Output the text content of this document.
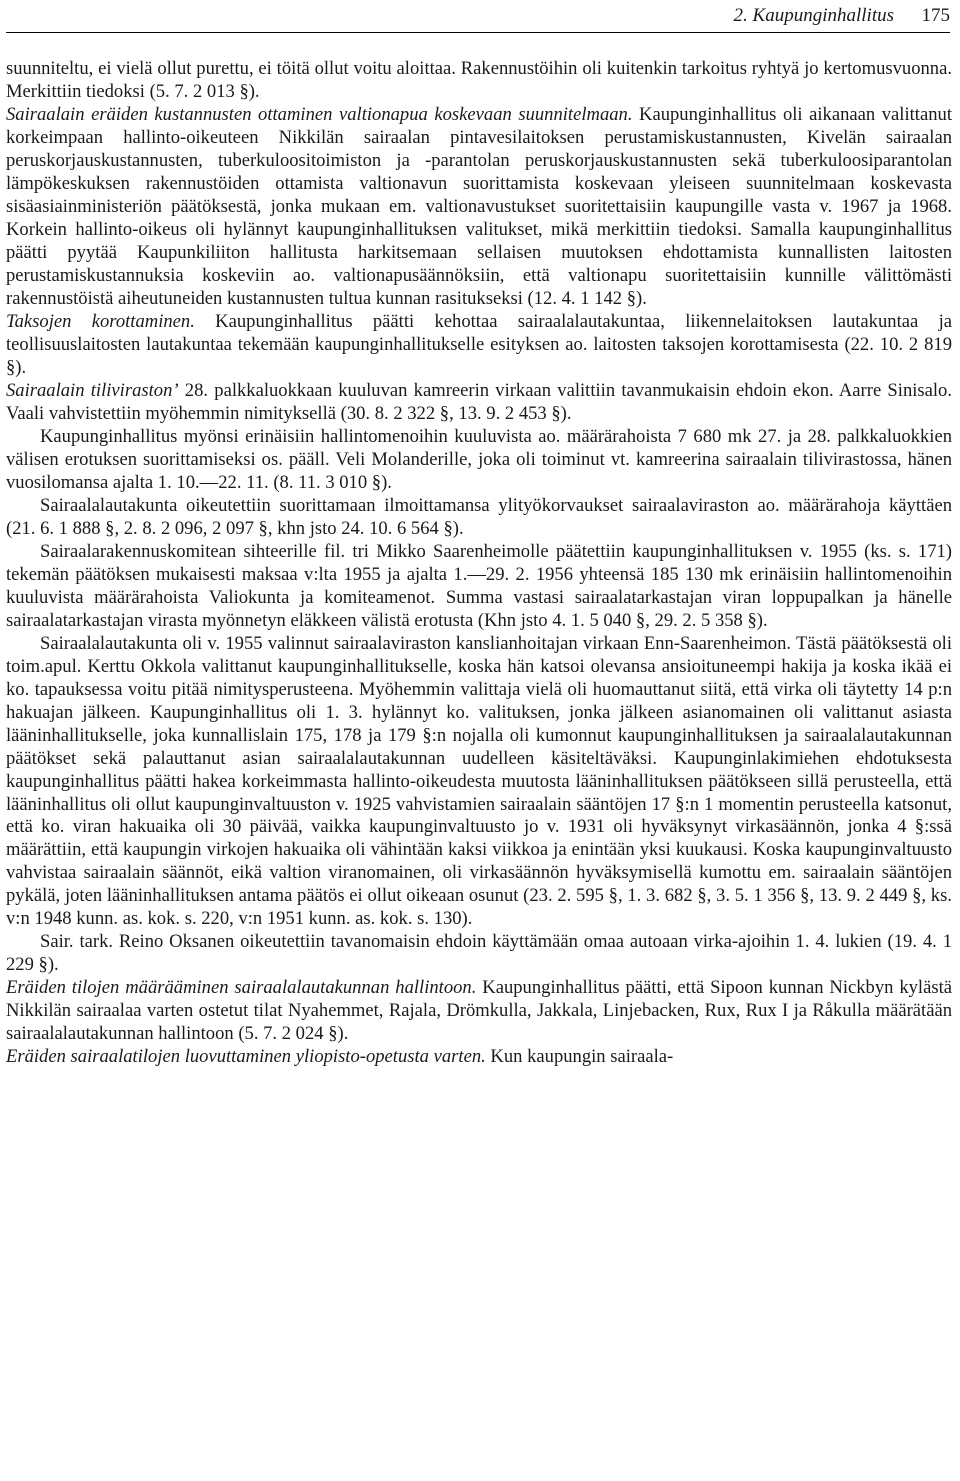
2. Kaupunginhallitus 175

suunniteltu, ei vielä ollut purettu, ei töitä ollut voitu aloittaa. Rakennustöihin oli kuitenkin tarkoitus ryhtyä jo kertomusvuonna. Merkittiin tiedoksi (5. 7. 2 013 §).

Sairaalain eräiden kustannusten ottaminen valtionapua koskevaan suunnitelmaan. Kaupunginhallitus oli aikanaan valittanut korkeimpaan hallinto-oikeuteen Nikkilän sairaalan pintavesilaitoksen perustamiskustannusten, Kivelän sairaalan peruskorjauskustannusten, tuberkuloositoimiston ja -parantolan peruskorjauskustannusten sekä tuberkuloosiparantolan lämpökeskuksen rakennustöiden ottamista valtionavun suorittamista koskevaan yleiseen suunnitelmaan koskevasta sisäasiainministeriön päätöksestä, jonka mukaan em. valtionavustukset suoritettaisiin kaupungille vasta v. 1967 ja 1968. Korkein hallinto-oikeus oli hylännyt kaupunginhallituksen valitukset, mikä merkittiin tiedoksi. Samalla kaupunginhallitus päätti pyytää Kaupunkiliiton hallitusta harkitsemaan sellaisen muutoksen ehdottamista kunnallisten laitosten perustamiskustannuksia koskeviin ao. valtionapusäännöksiin, että valtionapu suoritettaisiin kunnille välittömästi rakennustöistä aiheutuneiden kustannusten tultua kunnan rasitukseksi (12. 4. 1 142 §).

Taksojen korottaminen. Kaupunginhallitus päätti kehottaa sairaalalautakuntaa, liikennelaitoksen lautakuntaa ja teollisuuslaitosten lautakuntaa tekemään kaupunginhallitukselle esityksen ao. laitosten taksojen korottamisesta (22. 10. 2 819 §).

Sairaalain tilivirastonʼ 28. palkkaluokkaan kuuluvan kamreerin virkaan valittiin tavanmukaisin ehdoin ekon. Aarre Sinisalo. Vaali vahvistettiin myöhemmin nimityksellä (30. 8. 2 322 §, 13. 9. 2 453 §).

Kaupunginhallitus myönsi erinäisiin hallintomenoihin kuuluvista ao. määrärahoista 7 680 mk 27. ja 28. palkkaluokkien välisen erotuksen suorittamiseksi os. pääll. Veli Molanderille, joka oli toiminut vt. kamreerina sairaalain tilivirastossa, hänen vuosilomansa ajalta 1. 10.—22. 11. (8. 11. 3 010 §).

Sairaalalautakunta oikeutettiin suorittamaan ilmoittamansa ylityökorvaukset sairaalaviraston ao. määrärahoja käyttäen (21. 6. 1 888 §, 2. 8. 2 096, 2 097 §, khn jsto 24. 10. 6 564 §).

Sairaalarakennuskomitean sihteerille fil. tri Mikko Saarenheimolle päätettiin kaupunginhallituksen v. 1955 (ks. s. 171) tekemän päätöksen mukaisesti maksaa v:lta 1955 ja ajalta 1.—29. 2. 1956 yhteensä 185 130 mk erinäisiin hallintomenoihin kuuluvista määrärahoista Valiokunta ja komiteamenot. Summa vastasi sairaalatarkastajan viran loppupalkan ja hänelle sairaalatarkastajan virasta myönnetyn eläkkeen välistä erotusta (Khn jsto 4. 1. 5 040 §, 29. 2. 5 358 §).

Sairaalalautakunta oli v. 1955 valinnut sairaalaviraston kanslianhoitajan virkaan Enn-Saarenheimon. Tästä päätöksestä oli toim.apul. Kerttu Okkola valittanut kaupunginhallitukselle, koska hän katsoi olevansa ansioituneempi hakija ja koska ikää ei ko. tapauksessa voitu pitää nimitysperusteena. Myöhemmin valittaja vielä oli huomauttanut siitä, että virka oli täytetty 14 p:n hakuajan jälkeen. Kaupunginhallitus oli 1. 3. hylännyt ko. valituksen, jonka jälkeen asianomainen oli valittanut asiasta lääninhallitukselle, joka kunnallislain 175, 178 ja 179 §:n nojalla oli kumonnut kaupunginhallituksen ja sairaalalautakunnan päätökset sekä palauttanut asian sairaalalautakunnan uudelleen käsiteltäväksi. Kaupunginlakimiehen ehdotuksesta kaupunginhallitus päätti hakea korkeimmasta hallinto-oikeudesta muutosta lääninhallituksen päätökseen sillä perusteella, että lääninhallitus oli ollut kaupunginvaltuuston v. 1925 vahvistamien sairaalain sääntöjen 17 §:n 1 momentin perusteella katsonut, että ko. viran hakuaika oli 30 päivää, vaikka kaupunginvaltuusto jo v. 1931 oli hyväksynyt virkasäännön, jonka 4 §:ssä määrättiin, että kaupungin virkojen hakuaika oli vähintään kaksi viikkoa ja enintään yksi kuukausi. Koska kaupunginvaltuusto vahvistaa sairaalain säännöt, eikä valtion viranomainen, oli virkasäännön hyväksymisellä kumottu em. sairaalain sääntöjen pykälä, joten lääninhallituksen antama päätös ei ollut oikeaan osunut (23. 2. 595 §, 1. 3. 682 §, 3. 5. 1 356 §, 13. 9. 2 449 §, ks. v:n 1948 kunn. as. kok. s. 220, v:n 1951 kunn. as. kok. s. 130).

Sair. tark. Reino Oksanen oikeutettiin tavanomaisin ehdoin käyttämään omaa autoaan virka-ajoihin 1. 4. lukien (19. 4. 1 229 §).

Eräiden tilojen määrääminen sairaalalautakunnan hallintoon. Kaupunginhallitus päätti, että Sipoon kunnan Nickbyn kylästä Nikkilän sairaalaa varten ostetut tilat Nyahemmet, Rajala, Drömkulla, Jakkala, Linjebacken, Rux, Rux I ja Råkulla määrätään sairaalalautakunnan hallintoon (5. 7. 2 024 §).

Eräiden sairaalatilojen luovuttaminen yliopisto-opetusta varten. Kun kaupungin sairaala-
